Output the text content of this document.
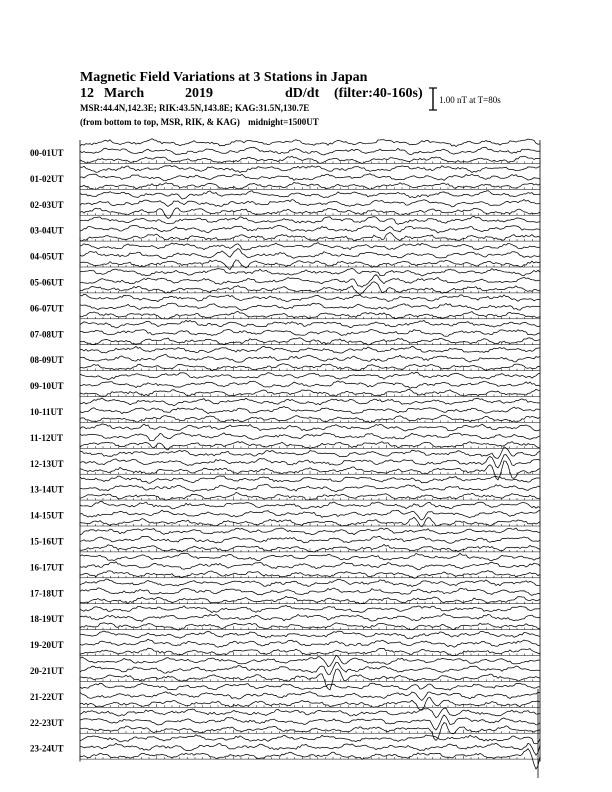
Magnetic Field Variations at 3 Stations in Japan
12 March	2019	dD/dt (filter:40-160s)
MSR:44.4N,142.3E; RIK:43.5N,143.8E; KAG:31.5N,130.7E
(from bottom to top, MSR, RIK, & KAG) midnight=1500UT
1.00 nT at T=80s
00-01UT
01-02UT
02-03UT
03-04UT
04-05UT
05-06UT
06-07UT
07-08UT
08-09UT
09-10UT
10-11UT
11-12UT
12-13UT
13-14UT
14-15UT
15-16UT
16-17UT
17-18UT
18-19UT
19-20UT
20-21UT
21-22UT
22-23UT
23-24UT
